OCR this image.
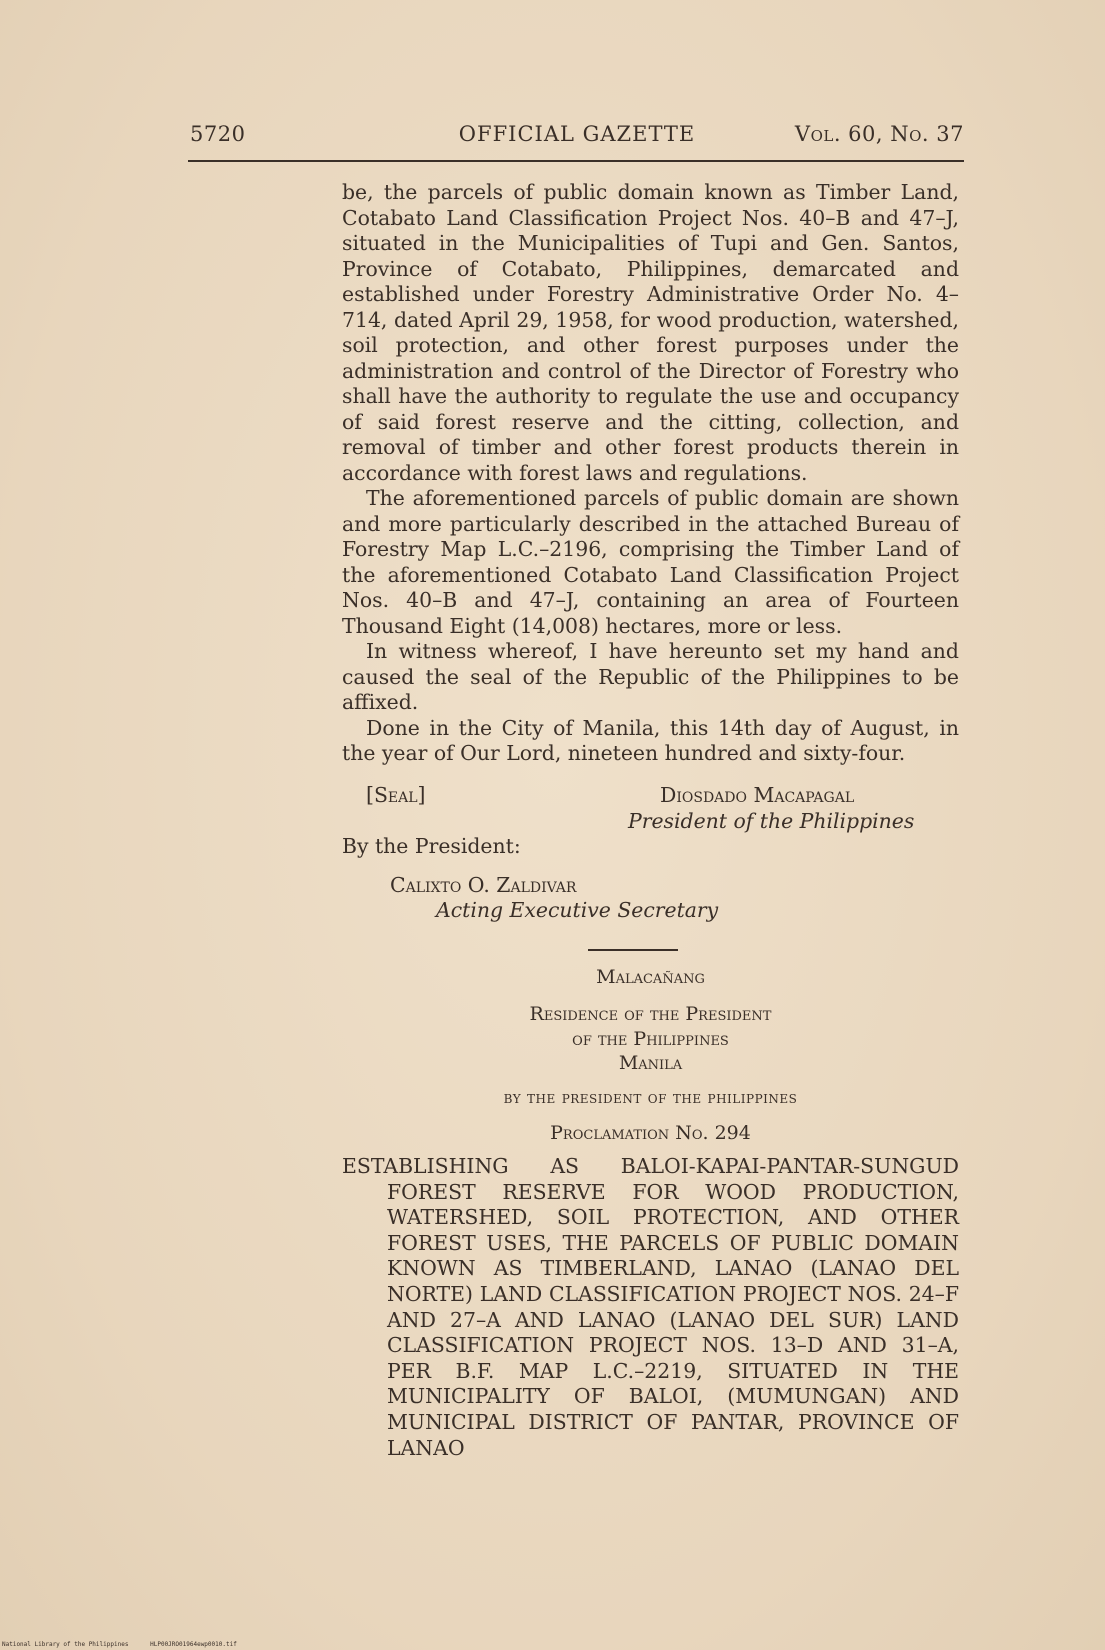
5720	OFFICIAL GAZETTE	Vol. 60, No. 37

be, the parcels of public domain known as Timber Land, Cotabato Land Classification Project Nos. 40–B and 47–J, situated in the Municipalities of Tupi and Gen. Santos, Province of Cotabato, Philippines, demarcated and established under Forestry Administrative Order No. 4–714, dated April 29, 1958, for wood production, watershed, soil protection, and other forest purposes under the administration and control of the Director of Forestry who shall have the authority to regulate the use and occupancy of said forest reserve and the citting, collection, and removal of timber and other forest products therein in accordance with forest laws and regulations.

The aforementioned parcels of public domain are shown and more particularly described in the attached Bureau of Forestry Map L.C.–2196, comprising the Timber Land of the aforementioned Cotabato Land Classification Project Nos. 40–B and 47–J, containing an area of Fourteen Thousand Eight (14,008) hectares, more or less.

In witness whereof, I have hereunto set my hand and caused the seal of the Republic of the Philippines to be affixed.

Done in the City of Manila, this 14th day of August, in the year of Our Lord, nineteen hundred and sixty-four.

[Seal]	Diosdado Macapagal
President of the Philippines
By the President:
Calixto O. Zaldivar
Acting Executive Secretary
Malacañang
Residence of the President
of the Philippines
Manila
by the president of the philippines
Proclamation No. 294
ESTABLISHING AS BALOI-KAPAI-PANTAR-SUNGUD FOREST RESERVE FOR WOOD PRODUCTION, WATERSHED, SOIL PROTECTION, AND OTHER FOREST USES, THE PARCELS OF PUBLIC DOMAIN KNOWN AS TIMBERLAND, LANAO (LANAO DEL NORTE) LAND CLASSIFICATION PROJECT NOS. 24–F AND 27–A AND LANAO (LANAO DEL SUR) LAND CLASSIFICATION PROJECT NOS. 13–D AND 31–A, PER B.F. MAP L.C.–2219, SITUATED IN THE MUNICIPALITY OF BALOI, (MUMUNGAN) AND MUNICIPAL DISTRICT OF PANTAR, PROVINCE OF LANAO
National Library of the Philippines	HLP00JRO01964ewp0010.tif
